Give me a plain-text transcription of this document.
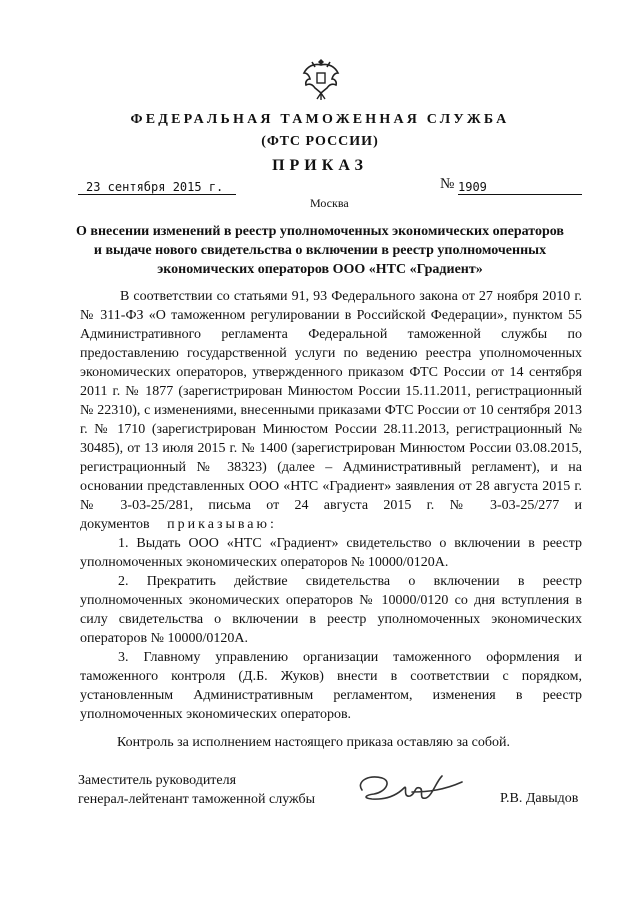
ФЕДЕРАЛЬНАЯ ТАМОЖЕННАЯ СЛУЖБА
(ФТС РОССИИ)
ПРИКАЗ
23 сентября 2015 г.	№ 1909
Москва
О внесении изменений в реестр уполномоченных экономических операторов
и выдаче нового свидетельства о включении в реестр уполномоченных
экономических операторов ООО «НТС «Градиент»

В соответствии со статьями 91, 93 Федерального закона от 27 ноября 2010 г. № 311-ФЗ «О таможенном регулировании в Российской Федерации», пунктом 55 Административного регламента Федеральной таможенной службы по предоставлению государственной услуги по ведению реестра уполномоченных экономических операторов, утвержденного приказом ФТС России от 14 сентября 2011 г. № 1877 (зарегистрирован Минюстом России 15.11.2011, регистрационный № 22310), с изменениями, внесенными приказами ФТС России от 10 сентября 2013 г. № 1710 (зарегистрирован Минюстом России 28.11.2013, регистрационный № 30485), от 13 июля 2015 г. № 1400 (зарегистрирован Минюстом России 03.08.2015, регистрационный № 38323) (далее – Административный регламент), и на основании представленных ООО «НТС «Градиент» заявления от 28 августа 2015 г. № 3-03-25/281, письма от 24 августа 2015 г. № 3-03-25/277 и документов приказываю:

1. Выдать ООО «НТС «Градиент» свидетельство о включении в реестр уполномоченных экономических операторов № 10000/0120А.

2. Прекратить действие свидетельства о включении в реестр уполномоченных экономических операторов № 10000/0120 со дня вступления в силу свидетельства о включении в реестр уполномоченных экономических операторов № 10000/0120А.

3. Главному управлению организации таможенного оформления и таможенного контроля (Д.Б. Жуков) внести в соответствии с порядком, установленным Административным регламентом, изменения в реестр уполномоченных экономических операторов.

Контроль за исполнением настоящего приказа оставляю за собой.
Заместитель руководителя
генерал-лейтенант таможенной службы	Р.В. Давыдов
